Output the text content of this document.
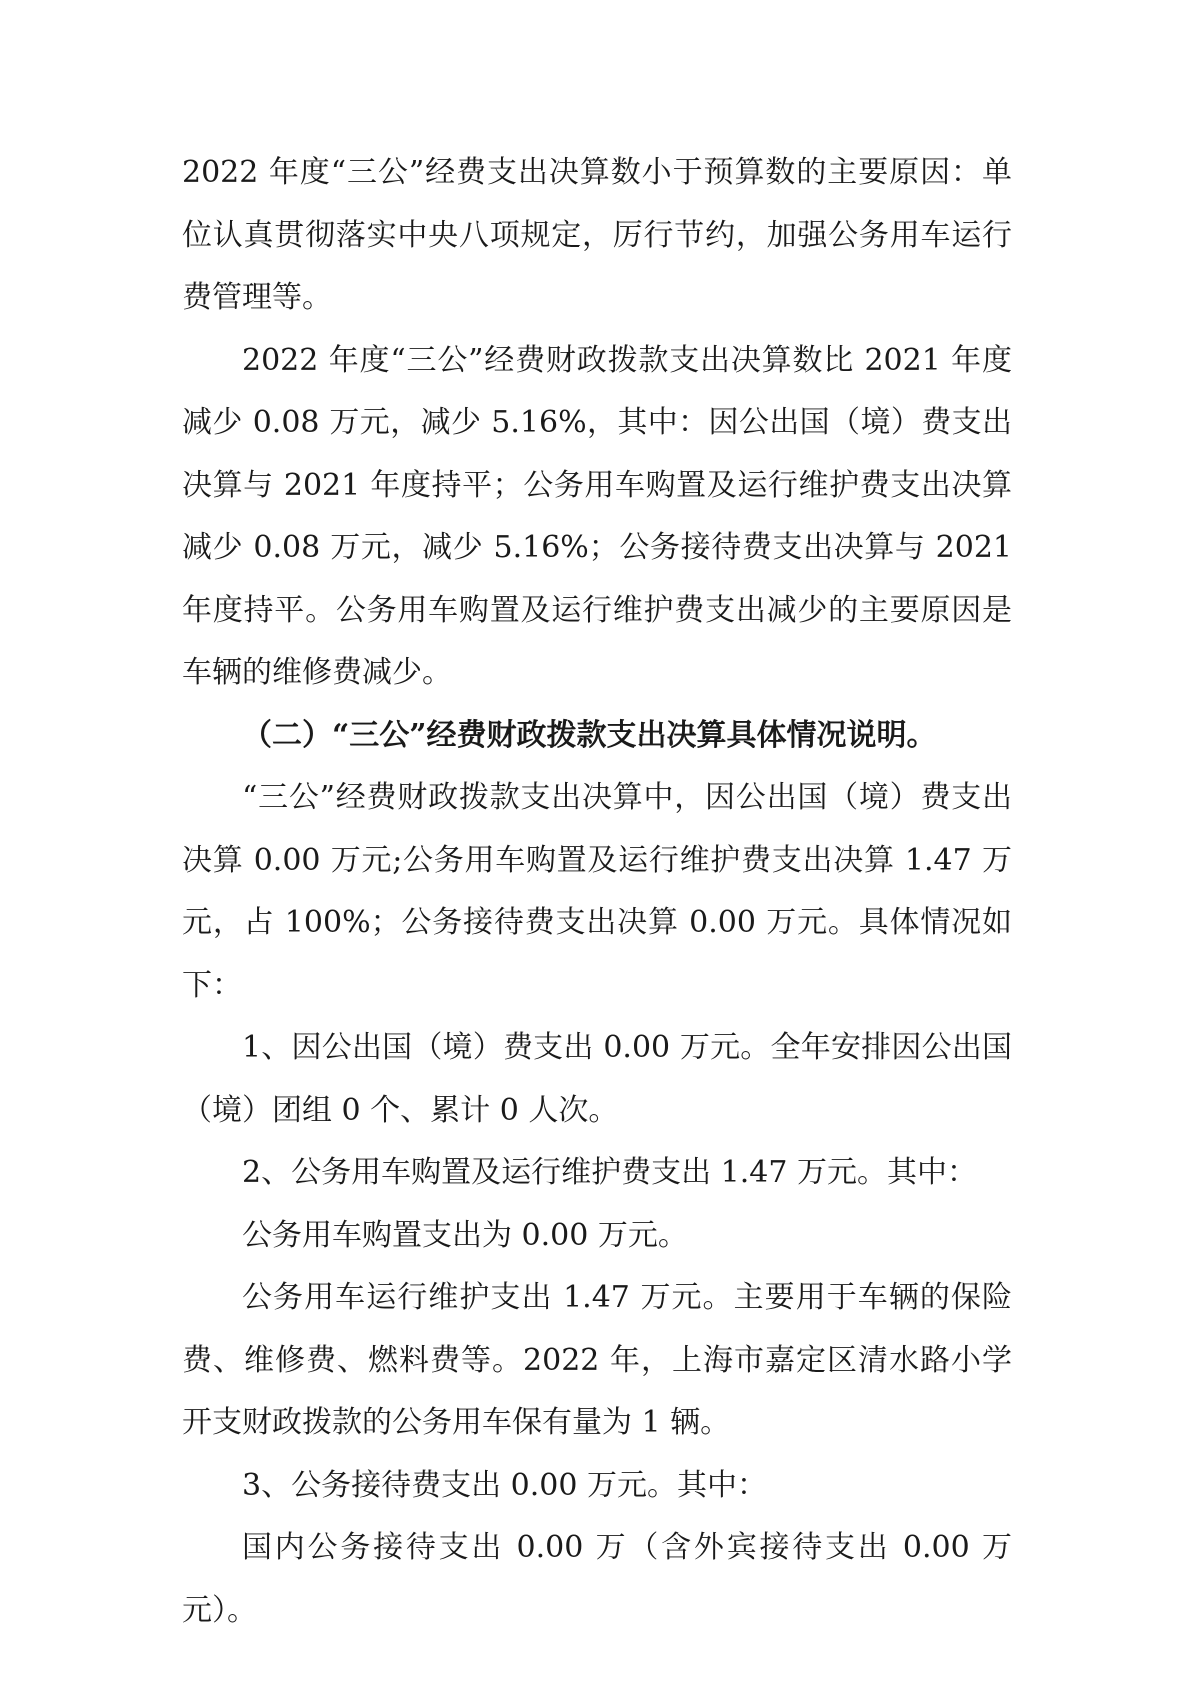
2022 年度“三公”经费支出决算数小于预算数的主要原因：单位认真贯彻落实中央八项规定，厉行节约，加强公务用车运行费管理等。

2022 年度“三公”经费财政拨款支出决算数比 2021 年度减少 0.08 万元，减少 5.16%，其中：因公出国（境）费支出决算与 2021 年度持平；公务用车购置及运行维护费支出决算减少 0.08 万元，减少 5.16%；公务接待费支出决算与 2021 年度持平。公务用车购置及运行维护费支出减少的主要原因是车辆的维修费减少。

（二）“三公”经费财政拨款支出决算具体情况说明。

“三公”经费财政拨款支出决算中，因公出国（境）费支出决算 0.00 万元;公务用车购置及运行维护费支出决算 1.47 万元，占 100%；公务接待费支出决算 0.00 万元。具体情况如下：

1、因公出国（境）费支出 0.00 万元。全年安排因公出国（境）团组 0 个、累计 0 人次。

2、公务用车购置及运行维护费支出 1.47 万元。其中：

公务用车购置支出为 0.00 万元。

公务用车运行维护支出 1.47 万元。主要用于车辆的保险费、维修费、燃料费等。2022 年，上海市嘉定区清水路小学开支财政拨款的公务用车保有量为 1 辆。

3、公务接待费支出 0.00 万元。其中：

国内公务接待支出 0.00 万（含外宾接待支出 0.00 万元）。
